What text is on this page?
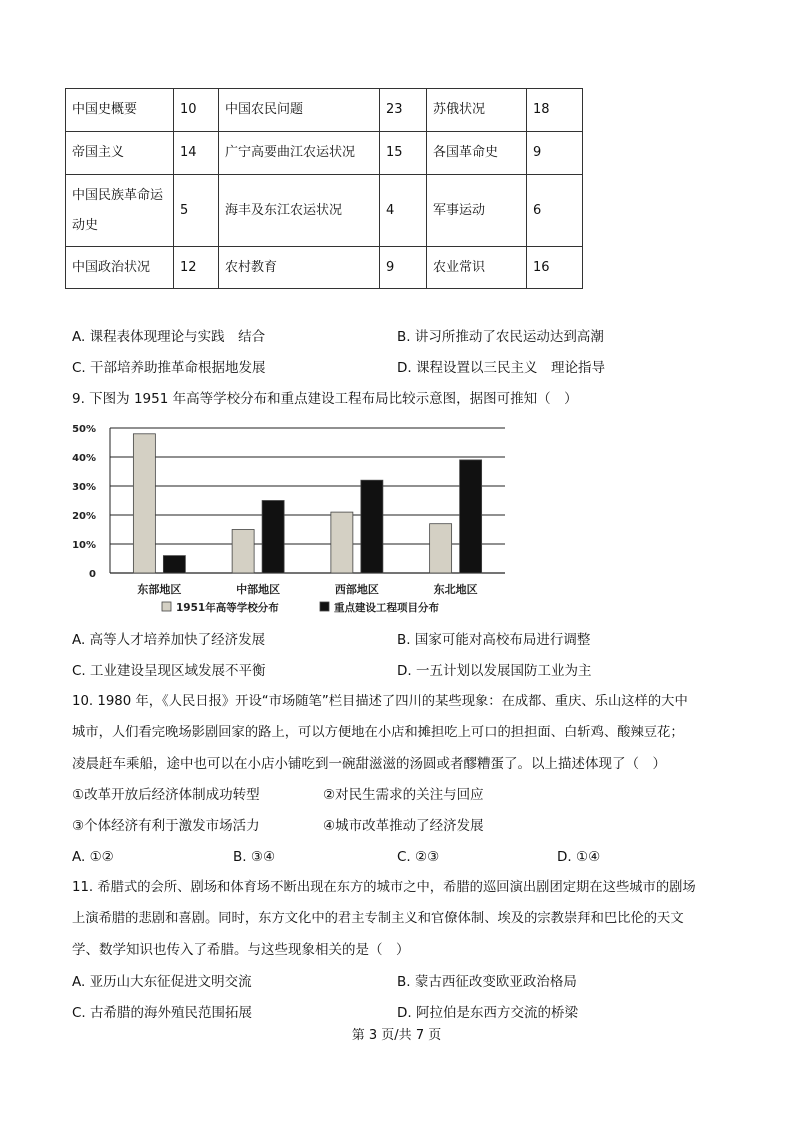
中国史概要	10	中国农民问题	23	苏俄状况	18
帝国主义	14	广宁高要曲江农运状况	15	各国革命史	9
中国民族革命运动史	5	海丰及东江农运状况	4	军事运动	6
中国政治状况	12	农村教育	9	农业常识	16
A. 课程表体现理论与实践　结合	B. 讲习所推动了农民运动达到高潮
C. 干部培养助推革命根据地发展	D. 课程设置以三民主义　理论指导
9. 下图为 1951 年高等学校分布和重点建设工程布局比较示意图，据图可推知（　）
0
10%
20%
30%
40%
50%
东部地区	中部地区	西部地区	东北地区
1951年高等学校分布	重点建设工程项目分布
A. 高等人才培养加快了经济发展	B. 国家可能对高校布局进行调整
C. 工业建设呈现区域发展不平衡	D. 一五计划以发展国防工业为主
10. 1980 年，《人民日报》开设“市场随笔”栏目描述了四川的某些现象：在成都、重庆、乐山这样的大中
城市，人们看完晚场影剧回家的路上，可以方便地在小店和摊担吃上可口的担担面、白斩鸡、酸辣豆花；
凌晨赶车乘船，途中也可以在小店小铺吃到一碗甜滋滋的汤圆或者醪糟蛋了。以上描述体现了（　）
①改革开放后经济体制成功转型	②对民生需求的关注与回应
③个体经济有利于激发市场活力	④城市改革推动了经济发展
A. ①②	B. ③④	C. ②③	D. ①④
11. 希腊式的会所、剧场和体育场不断出现在东方的城市之中，希腊的巡回演出剧团定期在这些城市的剧场
上演希腊的悲剧和喜剧。同时，东方文化中的君主专制主义和官僚体制、埃及的宗教崇拜和巴比伦的天文
学、数学知识也传入了希腊。与这些现象相关的是（　）
A. 亚历山大东征促进文明交流	B. 蒙古西征改变欧亚政治格局
C. 古希腊的海外殖民范围拓展	D. 阿拉伯是东西方交流的桥梁
第 3 页/共 7 页
